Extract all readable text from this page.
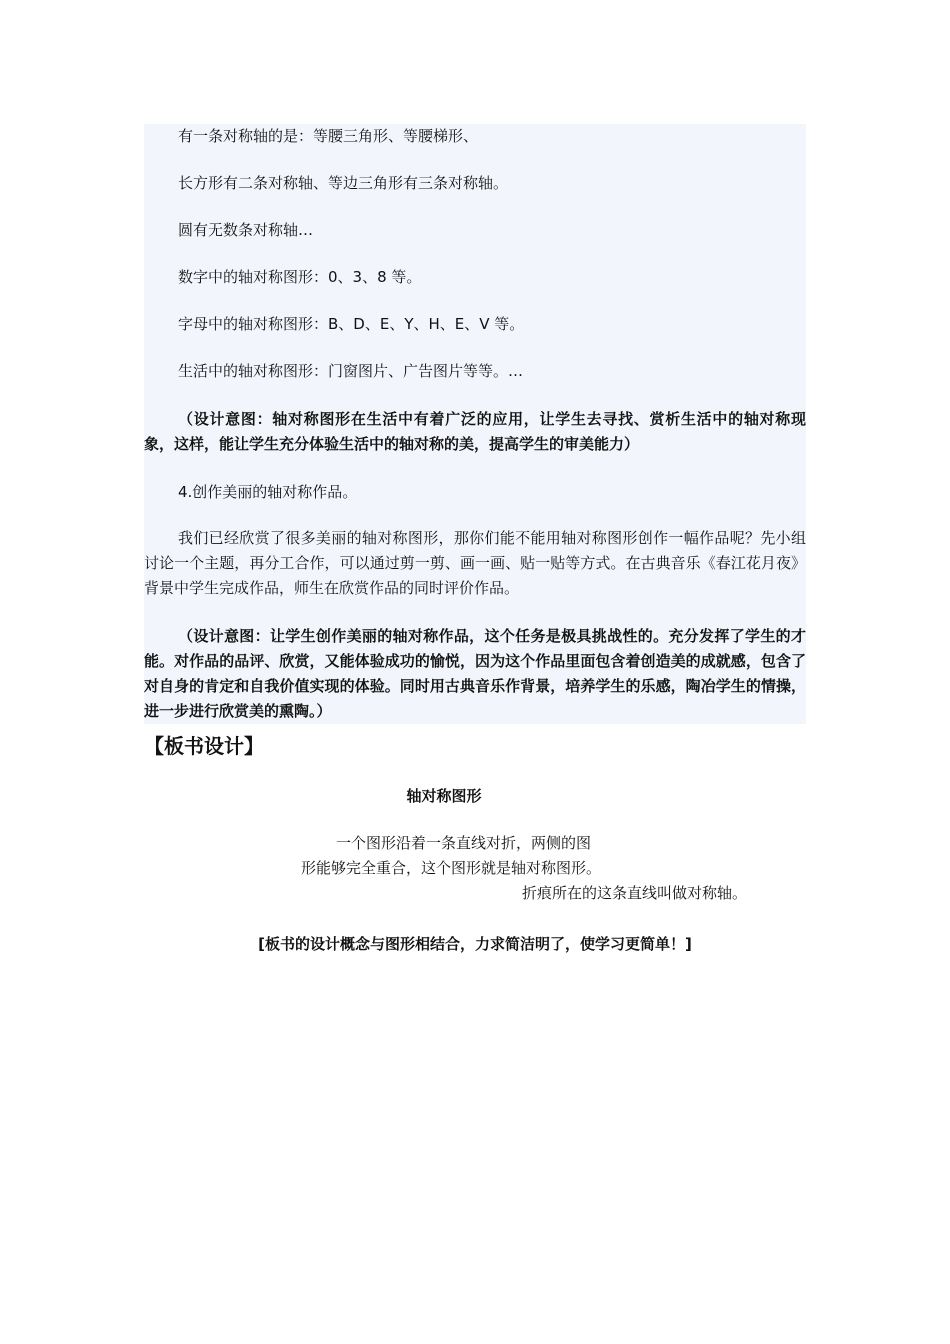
有一条对称轴的是：等腰三角形、等腰梯形、
长方形有二条对称轴、等边三角形有三条对称轴。
圆有无数条对称轴…
数字中的轴对称图形：0、3、8 等。
字母中的轴对称图形：B、D、E、Y、H、E、V 等。
生活中的轴对称图形：门窗图片、广告图片等等。…
（设计意图：轴对称图形在生活中有着广泛的应用，让学生去寻找、赏析生活中的轴对称现象，这样，能让学生充分体验生活中的轴对称的美，提高学生的审美能力）
4.创作美丽的轴对称作品。
我们已经欣赏了很多美丽的轴对称图形，那你们能不能用轴对称图形创作一幅作品呢？先小组讨论一个主题，再分工合作，可以通过剪一剪、画一画、贴一贴等方式。在古典音乐《春江花月夜》背景中学生完成作品，师生在欣赏作品的同时评价作品。
（设计意图：让学生创作美丽的轴对称作品，这个任务是极具挑战性的。充分发挥了学生的才能。对作品的品评、欣赏，又能体验成功的愉悦，因为这个作品里面包含着创造美的成就感，包含了对自身的肯定和自我价值实现的体验。同时用古典音乐作背景，培养学生的乐感，陶冶学生的情操，进一步进行欣赏美的熏陶。）
【板书设计】
轴对称图形
一个图形沿着一条直线对折，两侧的图
形能够完全重合，这个图形就是轴对称图形。
折痕所在的这条直线叫做对称轴。
[板书的设计概念与图形相结合，力求简洁明了，使学习更简单！]
